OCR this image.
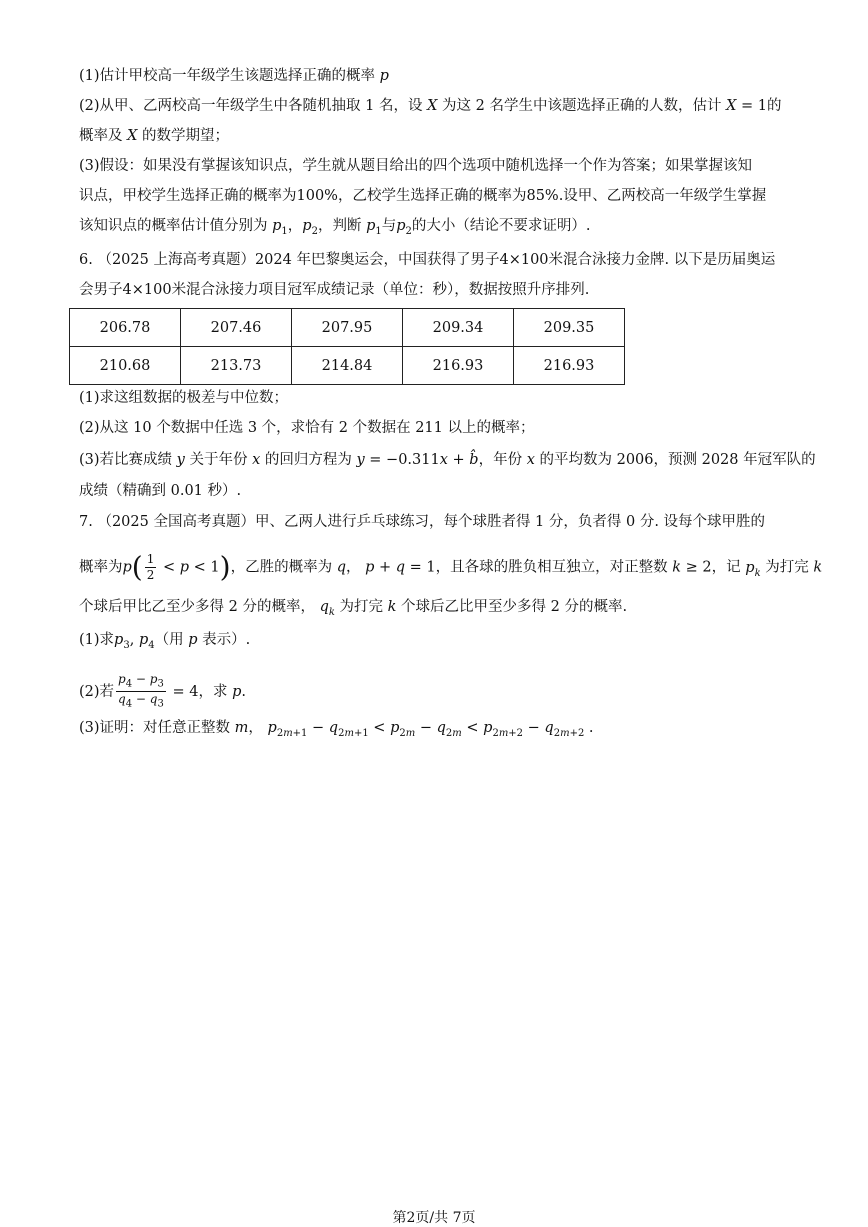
(1)估计甲校高一年级学生该题选择正确的概率 p
(2)从甲、乙两校高一年级学生中各随机抽取 1 名，设 X 为这 2 名学生中该题选择正确的人数，估计 X = 1的
概率及 X 的数学期望；
(3)假设：如果没有掌握该知识点，学生就从题目给出的四个选项中随机选择一个作为答案；如果掌握该知
识点，甲校学生选择正确的概率为100%，乙校学生选择正确的概率为85%.设甲、乙两校高一年级学生掌握
该知识点的概率估计值分别为 $p_1$，$p_2$，判断 $p_1$与$p_2$的大小（结论不要求证明）.
6. （2025 上海高考真题）2024 年巴黎奥运会，中国获得了男子4×100米混合泳接力金牌. 以下是历届奥运
会男子4×100米混合泳接力项目冠军成绩记录（单位：秒），数据按照升序排列.
206.78	207.46	207.95	209.34	209.35
210.68	213.73	214.84	216.93	216.93
(1)求这组数据的极差与中位数；
(2)从这 10 个数据中任选 3 个，求恰有 2 个数据在 211 以上的概率；
(3)若比赛成绩 y 关于年份 x 的回归方程为 y = −0.311x + b̂，年份 x 的平均数为 2006，预测 2028 年冠军队的
成绩（精确到 0.01 秒）.
7. （2025 全国高考真题）甲、乙两人进行乒乓球练习，每个球胜者得 1 分，负者得 0 分. 设每个球甲胜的
概率为$p( \frac{1}{2} < p < 1)$，乙胜的概率为 q， p + q = 1，且各球的胜负相互独立，对正整数 k ≥ 2，记 $p_k$ 为打完 k
个球后甲比乙至少多得 2 分的概率， $q_k$ 为打完 k 个球后乙比甲至少多得 2 分的概率.
(1)求$p_3$, $p_4$（用 p 表示）.
(2)若 $\frac{p_4 - p_3}{q_4 - q_3} = 4$，求 p.
(3)证明：对任意正整数 m， $p_{2m+1} - q_{2m+1} < p_{2m} - q_{2m} < p_{2m+2} - q_{2m+2}$ .
第2页/共 7页
